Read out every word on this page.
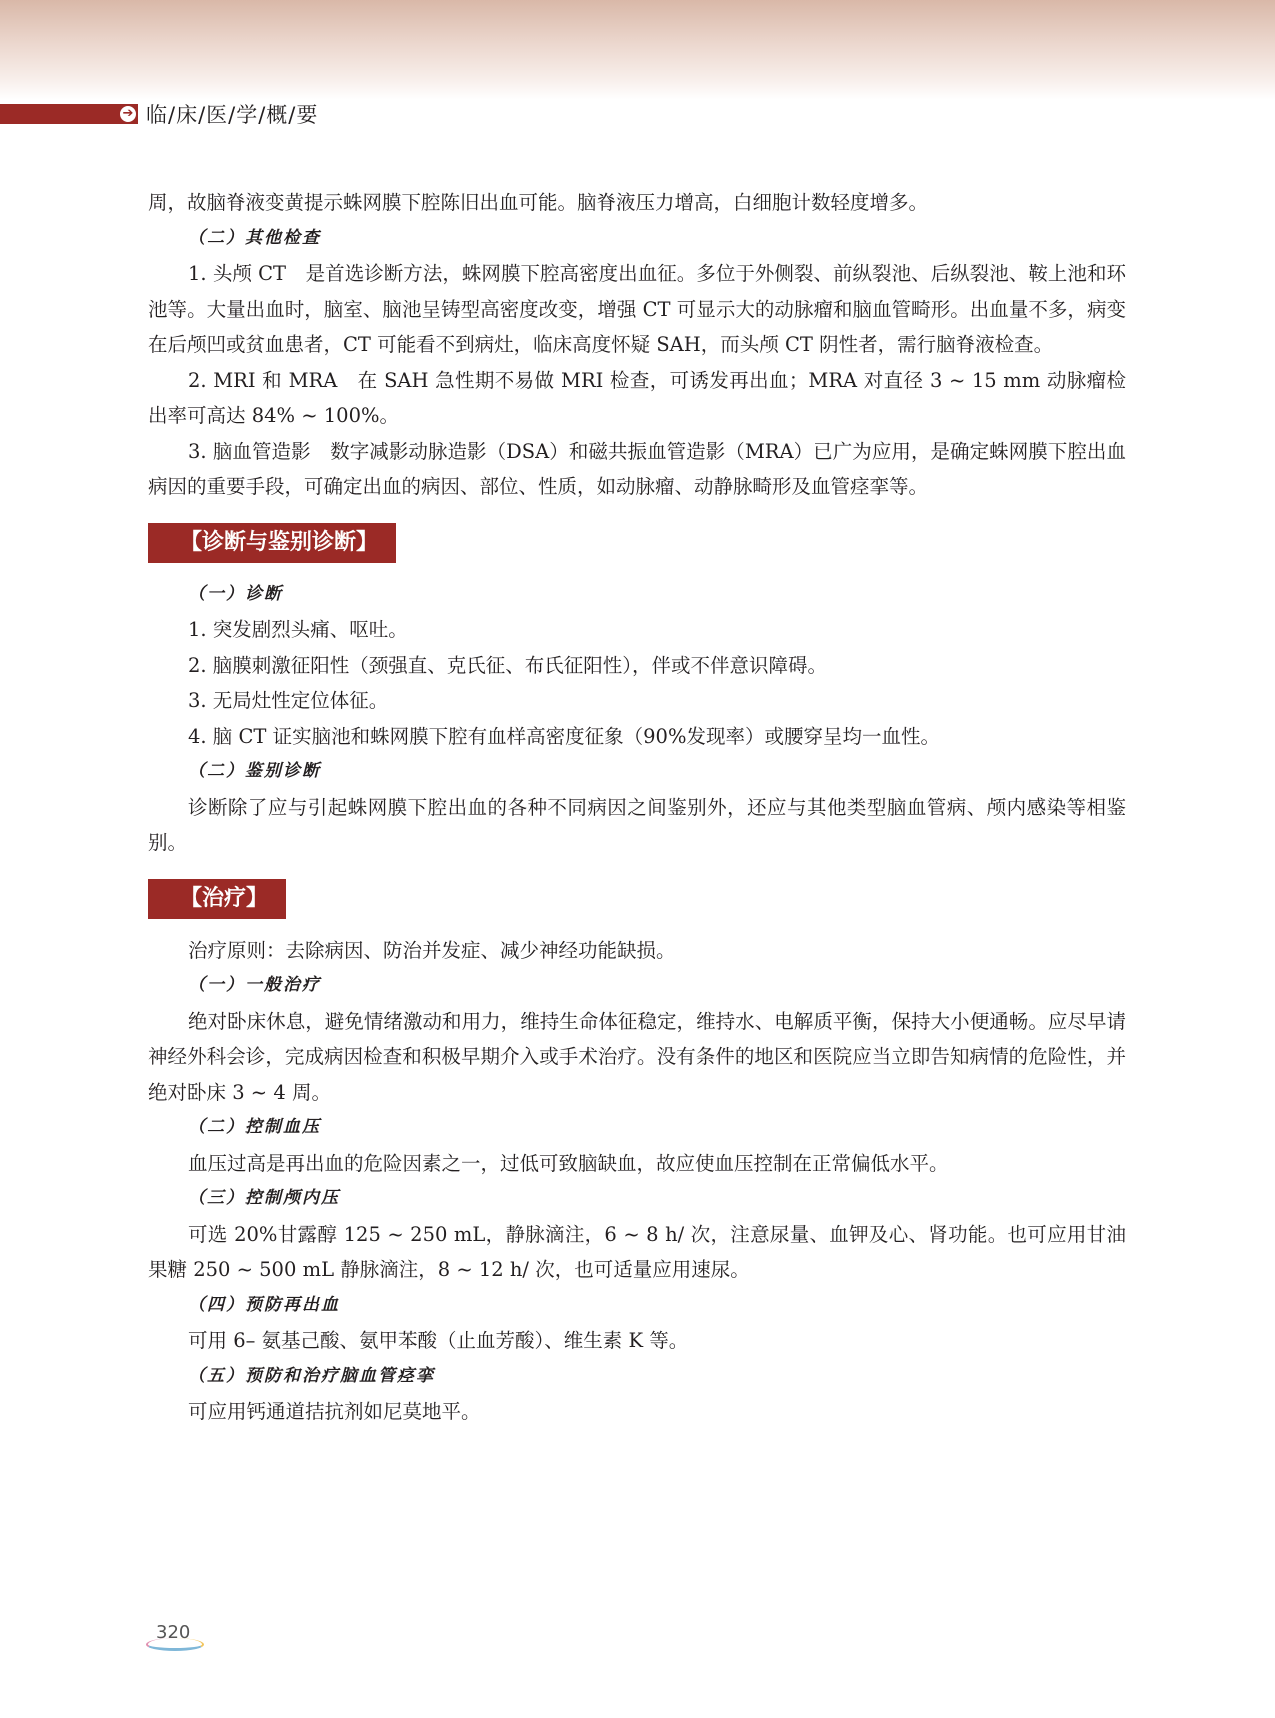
➔ 临/床/医/学/概/要

周，故脑脊液变黄提示蛛网膜下腔陈旧出血可能。脑脊液压力增高，白细胞计数轻度增多。

（二）其他检查

1. 头颅 CT　是首选诊断方法，蛛网膜下腔高密度出血征。多位于外侧裂、前纵裂池、后纵裂池、鞍上池和环池等。大量出血时，脑室、脑池呈铸型高密度改变，增强 CT 可显示大的动脉瘤和脑血管畸形。出血量不多，病变在后颅凹或贫血患者，CT 可能看不到病灶，临床高度怀疑 SAH，而头颅 CT 阴性者，需行脑脊液检查。

2. MRI 和 MRA　在 SAH 急性期不易做 MRI 检查，可诱发再出血；MRA 对直径 3 ~ 15 mm 动脉瘤检出率可高达 84% ~ 100%。

3. 脑血管造影　数字减影动脉造影（DSA）和磁共振血管造影（MRA）已广为应用，是确定蛛网膜下腔出血病因的重要手段，可确定出血的病因、部位、性质，如动脉瘤、动静脉畸形及血管痉挛等。

【诊断与鉴别诊断】

（一）诊断

1. 突发剧烈头痛、呕吐。

2. 脑膜刺激征阳性（颈强直、克氏征、布氏征阳性），伴或不伴意识障碍。

3. 无局灶性定位体征。

4. 脑 CT 证实脑池和蛛网膜下腔有血样高密度征象（90%发现率）或腰穿呈均一血性。

（二）鉴别诊断

诊断除了应与引起蛛网膜下腔出血的各种不同病因之间鉴别外，还应与其他类型脑血管病、颅内感染等相鉴别。

【治疗】

治疗原则：去除病因、防治并发症、减少神经功能缺损。

（一）一般治疗

绝对卧床休息，避免情绪激动和用力，维持生命体征稳定，维持水、电解质平衡，保持大小便通畅。应尽早请神经外科会诊，完成病因检查和积极早期介入或手术治疗。没有条件的地区和医院应当立即告知病情的危险性，并绝对卧床 3 ~ 4 周。

（二）控制血压

血压过高是再出血的危险因素之一，过低可致脑缺血，故应使血压控制在正常偏低水平。

（三）控制颅内压

可选 20%甘露醇 125 ~ 250 mL，静脉滴注，6 ~ 8 h/ 次，注意尿量、血钾及心、肾功能。也可应用甘油果糖 250 ~ 500 mL 静脉滴注，8 ~ 12 h/ 次，也可适量应用速尿。

（四）预防再出血

可用 6– 氨基己酸、氨甲苯酸（止血芳酸）、维生素 K 等。

（五）预防和治疗脑血管痉挛

可应用钙通道拮抗剂如尼莫地平。

320
